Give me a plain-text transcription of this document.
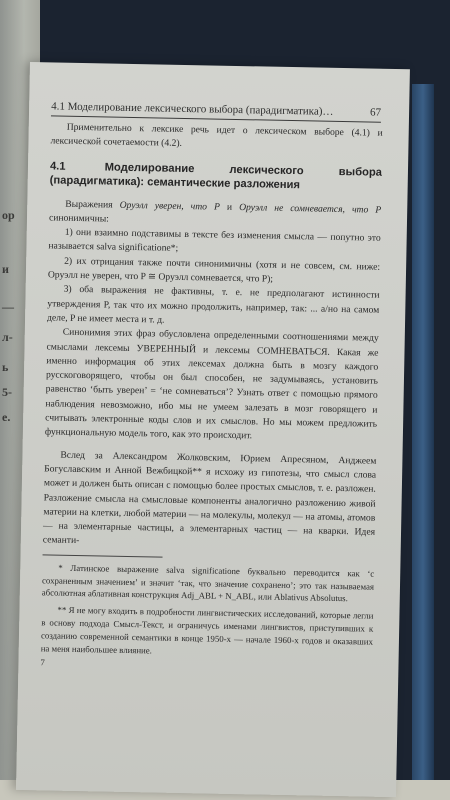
ор
и
—
л-
ь
5-
е.
4.1 Моделирование лексического выбора (парадигматика)…	67

Применительно к лексике речь идет о лексическом выборе (4.1) и лексической сочетаемости (4.2).

4.1	Моделирование лексического выбора (парадигматика): семантические разложения

Выражения Оруэлл уверен, что P и Оруэлл не сомневается, что P синонимичны:

1) они взаимно подставимы в тексте без изменения смысла — попутно это называется salva significatione*;
2) их отрицания также почти синонимичны (хотя и не совсем, см. ниже: Оруэлл не уверен, что P ≅ Оруэлл сомневается, что P);
3) оба выражения не фактивны, т. е. не предполагают истинности утверждения P, так что их можно продолжить, например, так: ... а/но на самом деле, P не имеет места и т. д.

Синонимия этих фраз обусловлена определенными соотношениями между смыслами лексемы УВЕРЕННЫЙ и лексемы СОМНЕВАТЬСЯ. Какая же именно информация об этих лексемах должна быть в мозгу каждого русскоговорящего, чтобы он был способен, не задумываясь, установить равенство ‘быть уверен’ = ‘не сомневаться’? Узнать ответ с помощью прямого наблюдения невозможно, ибо мы не умеем залезать в мозг говорящего и считывать электронные коды слов и их смыслов. Но мы можем предложить функциональную модель того, как это происходит.

Вслед за Александром Жолковским, Юрием Апресяном, Анджеем Богуславским и Анной Вежбицкой** я исхожу из гипотезы, что смысл слова может и должен быть описан с помощью более простых смыслов, т. е. разложен. Разложение смысла на смысловые компоненты аналогично разложению живой материи на клетки, любой материи — на молекулы, молекул — на атомы, атомов — на элементарные частицы, а элементарных частиц — на кварки. Идея семанти-

* Латинское выражение salva significatione буквально переводится как ‘с сохраненным значением’ и значит ‘так, что значение сохранено’; это так называемая абсолютная аблативная конструкция Adj_ABL + N_ABL, или Ablativus Absolutus.
** Я не могу входить в подробности лингвистических исследований, которые легли в основу подхода Смысл-Текст, и ограничусь именами лингвистов, приступивших к созданию современной семантики в конце 1950-х — начале 1960-х годов и оказавших на меня наибольшее влияние.
7
